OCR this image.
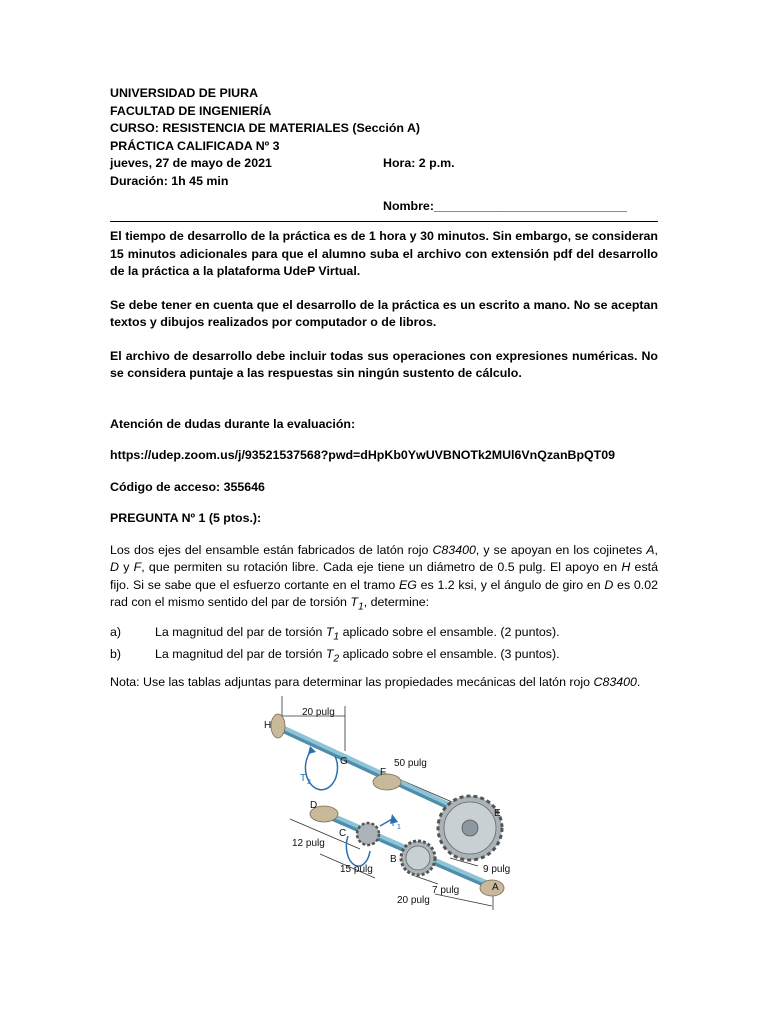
UNIVERSIDAD DE PIURA
FACULTAD DE INGENIERÍA
CURSO: RESISTENCIA DE MATERIALES (Sección A)
PRÁCTICA CALIFICADA Nº 3
jueves, 27 de mayo de 2021	Hora: 2 p.m.
Duración: 1h 45 min
Nombre:____________________________

El tiempo de desarrollo de la práctica es de 1 hora y 30 minutos. Sin embargo, se consideran 15 minutos adicionales para que el alumno suba el archivo con extensión pdf del desarrollo de la práctica a la plataforma UdeP Virtual.

Se debe tener en cuenta que el desarrollo de la práctica es un escrito a mano. No se aceptan textos y dibujos realizados por computador o de libros.

El archivo de desarrollo debe incluir todas sus operaciones con expresiones numéricas. No se considera puntaje a las respuestas sin ningún sustento de cálculo.

Atención de dudas durante la evaluación:

https://udep.zoom.us/j/93521537568?pwd=dHpKb0YwUVBNOTk2MUl6VnQzanBpQT09

Código de acceso: 355646

PREGUNTA Nº 1 (5 ptos.):

Los dos ejes del ensamble están fabricados de latón rojo C83400, y se apoyan en los cojinetes A, D y F, que permiten su rotación libre. Cada eje tiene un diámetro de 0.5 pulg. El apoyo en H está fijo. Si se sabe que el esfuerzo cortante en el tramo EG es 1.2 ksi, y el ángulo de giro en D es 0.02 rad con el mismo sentido del par de torsión $T_1$, determine:

a)	La magnitud del par de torsión $T_1$ aplicado sobre el ensamble. (2 puntos).
b)	La magnitud del par de torsión $T_2$ aplicado sobre el ensamble. (3 puntos).

Nota: Use las tablas adjuntas para determinar las propiedades mecánicas del latón rojo C83400.

H
G
F
E
D
C
B
A
20 pulg
50 pulg
12 pulg
15 pulg	9 pulg
7 pulg
20 pulg
T 2
T 1
